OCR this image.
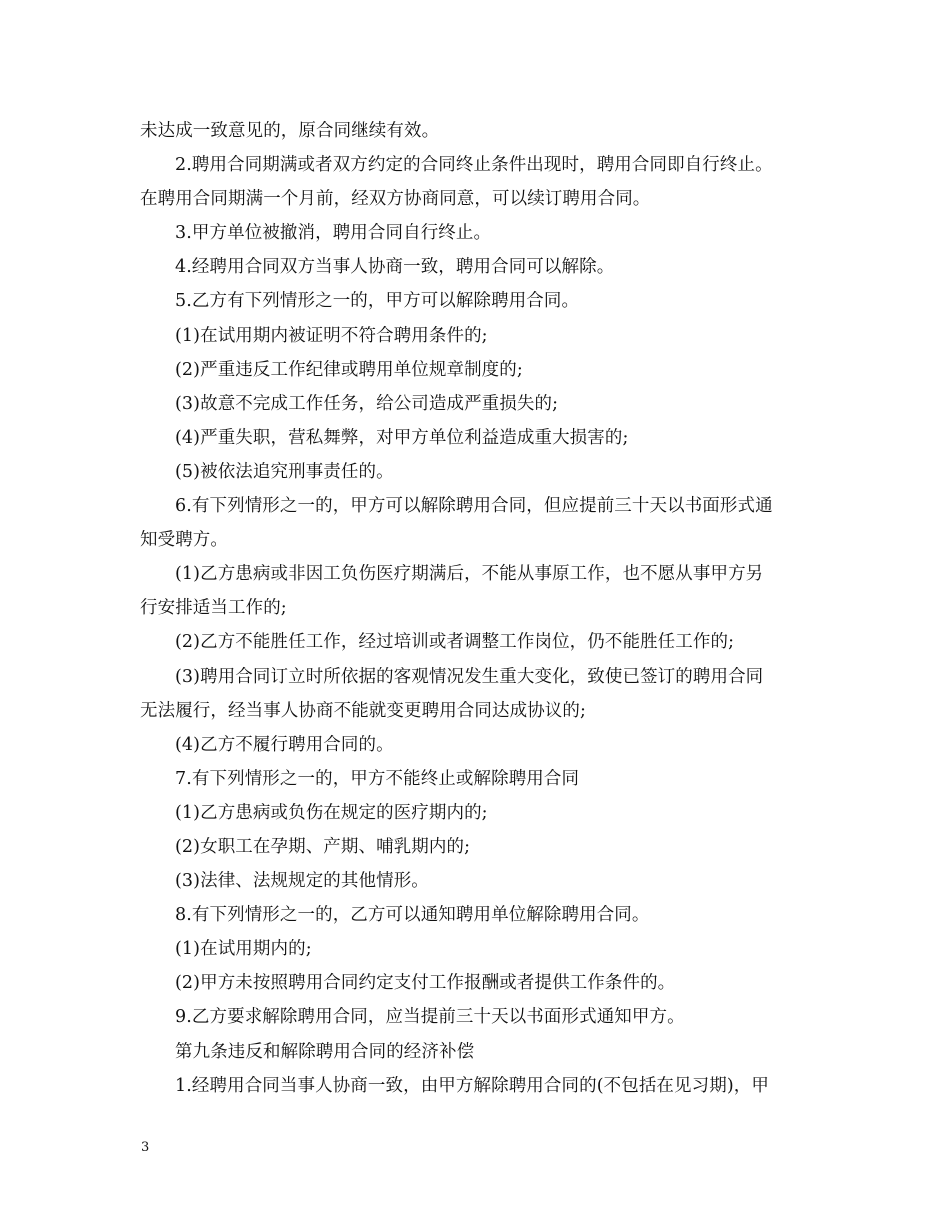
未达成一致意见的，原合同继续有效。
2.聘用合同期满或者双方约定的合同终止条件出现时，聘用合同即自行终止。
在聘用合同期满一个月前，经双方协商同意，可以续订聘用合同。
3.甲方单位被撤消，聘用合同自行终止。
4.经聘用合同双方当事人协商一致，聘用合同可以解除。
5.乙方有下列情形之一的，甲方可以解除聘用合同。
(1)在试用期内被证明不符合聘用条件的;
(2)严重违反工作纪律或聘用单位规章制度的;
(3)故意不完成工作任务，给公司造成严重损失的;
(4)严重失职，营私舞弊，对甲方单位利益造成重大损害的;
(5)被依法追究刑事责任的。
6.有下列情形之一的，甲方可以解除聘用合同，但应提前三十天以书面形式通
知受聘方。
(1)乙方患病或非因工负伤医疗期满后，不能从事原工作，也不愿从事甲方另
行安排适当工作的;
(2)乙方不能胜任工作，经过培训或者调整工作岗位，仍不能胜任工作的;
(3)聘用合同订立时所依据的客观情况发生重大变化，致使已签订的聘用合同
无法履行，经当事人协商不能就变更聘用合同达成协议的;
(4)乙方不履行聘用合同的。
7.有下列情形之一的，甲方不能终止或解除聘用合同
(1)乙方患病或负伤在规定的医疗期内的;
(2)女职工在孕期、产期、哺乳期内的;
(3)法律、法规规定的其他情形。
8.有下列情形之一的，乙方可以通知聘用单位解除聘用合同。
(1)在试用期内的;
(2)甲方未按照聘用合同约定支付工作报酬或者提供工作条件的。
9.乙方要求解除聘用合同，应当提前三十天以书面形式通知甲方。
第九条违反和解除聘用合同的经济补偿
1.经聘用合同当事人协商一致，由甲方解除聘用合同的(不包括在见习期)，甲
3
